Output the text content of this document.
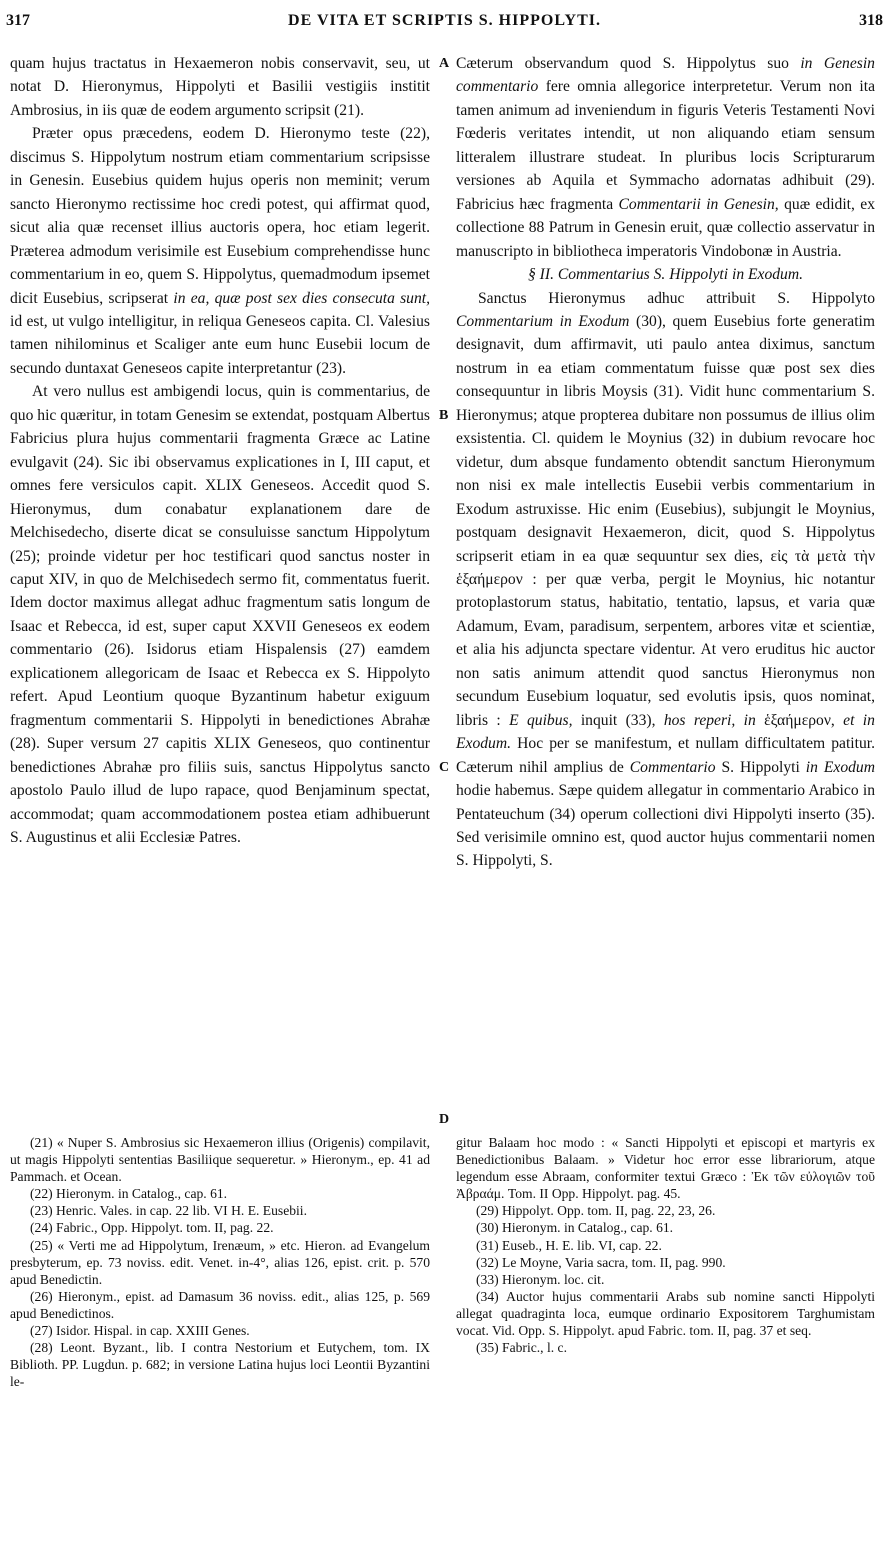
317	DE VITA ET SCRIPTIS S. HIPPOLYTI.	318
A
B
C
D

quam hujus tractatus in Hexaemeron nobis conservavit, seu, ut notat D. Hieronymus, Hippolyti et Basilii vestigiis institit Ambrosius, in iis quæ de eodem argumento scripsit (21).

Præter opus præcedens, eodem D. Hieronymo teste (22), discimus S. Hippolytum nostrum etiam commentarium scripsisse in Genesin. Eusebius quidem hujus operis non meminit; verum sancto Hieronymo rectissime hoc credi potest, qui affirmat quod, sicut alia quæ recenset illius auctoris opera, hoc etiam legerit. Præterea admodum verisimile est Eusebium comprehendisse hunc commentarium in eo, quem S. Hippolytus, quemadmodum ipsemet dicit Eusebius, scripserat in ea, quæ post sex dies consecuta sunt, id est, ut vulgo intelligitur, in reliqua Geneseos capita. Cl. Valesius tamen nihilominus et Scaliger ante eum hunc Eusebii locum de secundo duntaxat Geneseos capite interpretantur (23).

At vero nullus est ambigendi locus, quin is commentarius, de quo hic quæritur, in totam Genesim se extendat, postquam Albertus Fabricius plura hujus commentarii fragmenta Græce ac Latine evulgavit (24). Sic ibi observamus explicationes in I, III caput, et omnes fere versiculos capit. XLIX Geneseos. Accedit quod S. Hieronymus, dum conabatur explanationem dare de Melchisedecho, diserte dicat se consuluisse sanctum Hippolytum (25); proinde videtur per hoc testificari quod sanctus noster in caput XIV, in quo de Melchisedech sermo fit, commentatus fuerit. Idem doctor maximus allegat adhuc fragmentum satis longum de Isaac et Rebecca, id est, super caput XXVII Geneseos ex eodem commentario (26). Isidorus etiam Hispalensis (27) eamdem explicationem allegoricam de Isaac et Rebecca ex S. Hippolyto refert. Apud Leontium quoque Byzantinum habetur exiguum fragmentum commentarii S. Hippolyti in benedictiones Abrahæ (28). Super versum 27 capitis XLIX Geneseos, quo continentur benedictiones Abrahæ pro filiis suis, sanctus Hippolytus sancto apostolo Paulo illud de lupo rapace, quod Benjaminum spectat, accommodat; quam accommodationem postea etiam adhibuerunt S. Augustinus et alii Ecclesiæ Patres.

Cæterum observandum quod S. Hippolytus suo in Genesin commentario fere omnia allegorice interpretetur. Verum non ita tamen animum ad inveniendum in figuris Veteris Testamenti Novi Fœderis veritates intendit, ut non aliquando etiam sensum litteralem illustrare studeat. In pluribus locis Scripturarum versiones ab Aquila et Symmacho adornatas adhibuit (29). Fabricius hæc fragmenta Commentarii in Genesin, quæ edidit, ex collectione 88 Patrum in Genesin eruit, quæ collectio asservatur in manuscripto in bibliotheca imperatoris Vindobonæ in Austria.

§ II. Commentarius S. Hippolyti in Exodum.

Sanctus Hieronymus adhuc attribuit S. Hippolyto Commentarium in Exodum (30), quem Eusebius forte generatim designavit, dum affirmavit, uti paulo antea diximus, sanctum nostrum in ea etiam commentatum fuisse quæ post sex dies consequuntur in libris Moysis (31). Vidit hunc commentarium S. Hieronymus; atque propterea dubitare non possumus de illius olim exsistentia. Cl. quidem le Moynius (32) in dubium revocare hoc videtur, dum absque fundamento obtendit sanctum Hieronymum non nisi ex male intellectis Eusebii verbis commentarium in Exodum astruxisse. Hic enim (Eusebius), subjungit le Moynius, postquam designavit Hexaemeron, dicit, quod S. Hippolytus scripserit etiam in ea quæ sequuntur sex dies, εἰς τὰ μετὰ τὴν ἑξαήμερον : per quæ verba, pergit le Moynius, hic notantur protoplastorum status, habitatio, tentatio, lapsus, et varia quæ Adamum, Evam, paradisum, serpentem, arbores vitæ et scientiæ, et alia his adjuncta spectare videntur. At vero eruditus hic auctor non satis animum attendit quod sanctus Hieronymus non secundum Eusebium loquatur, sed evolutis ipsis, quos nominat, libris : E quibus, inquit (33), hos reperi, in ἑξαήμερον, et in Exodum. Hoc per se manifestum, et nullam difficultatem patitur. Cæterum nihil amplius de Commentario S. Hippolyti in Exodum hodie habemus. Sæpe quidem allegatur in commentario Arabico in Pentateuchum (34) operum collectioni divi Hippolyti inserto (35). Sed verisimile omnino est, quod auctor hujus commentarii nomen S. Hippolyti, S.

(21) « Nuper S. Ambrosius sic Hexaemeron illius (Origenis) compilavit, ut magis Hippolyti sententias Basiliique sequeretur. » Hieronym., ep. 41 ad Pammach. et Ocean.
(22) Hieronym. in Catalog., cap. 61.
(23) Henric. Vales. in cap. 22 lib. VI H. E. Eusebii.
(24) Fabric., Opp. Hippolyt. tom. II, pag. 22.
(25) « Verti me ad Hippolytum, Irenæum, » etc. Hieron. ad Evangelum presbyterum, ep. 73 noviss. edit. Venet. in-4°, alias 126, epist. crit. p. 570 apud Benedictin.
(26) Hieronym., epist. ad Damasum 36 noviss. edit., alias 125, p. 569 apud Benedictinos.
(27) Isidor. Hispal. in cap. XXIII Genes.
(28) Leont. Byzant., lib. I contra Nestorium et Eutychem, tom. IX Biblioth. PP. Lugdun. p. 682; in versione Latina hujus loci Leontii Byzantini le-
gitur Balaam hoc modo : « Sancti Hippolyti et episcopi et martyris ex Benedictionibus Balaam. » Videtur hoc error esse librariorum, atque legendum esse Abraam, conformiter textui Græco : Ἐκ τῶν εὐλογιῶν τοῦ Ἀβραάμ. Tom. II Opp. Hippolyt. pag. 45.
(29) Hippolyt. Opp. tom. II, pag. 22, 23, 26.
(30) Hieronym. in Catalog., cap. 61.
(31) Euseb., H. E. lib. VI, cap. 22.
(32) Le Moyne, Varia sacra, tom. II, pag. 990.
(33) Hieronym. loc. cit.
(34) Auctor hujus commentarii Arabs sub nomine sancti Hippolyti allegat quadraginta loca, eumque ordinario Expositorem Targhumistam vocat. Vid. Opp. S. Hippolyt. apud Fabric. tom. II, pag. 37 et seq.
(35) Fabric., l. c.
